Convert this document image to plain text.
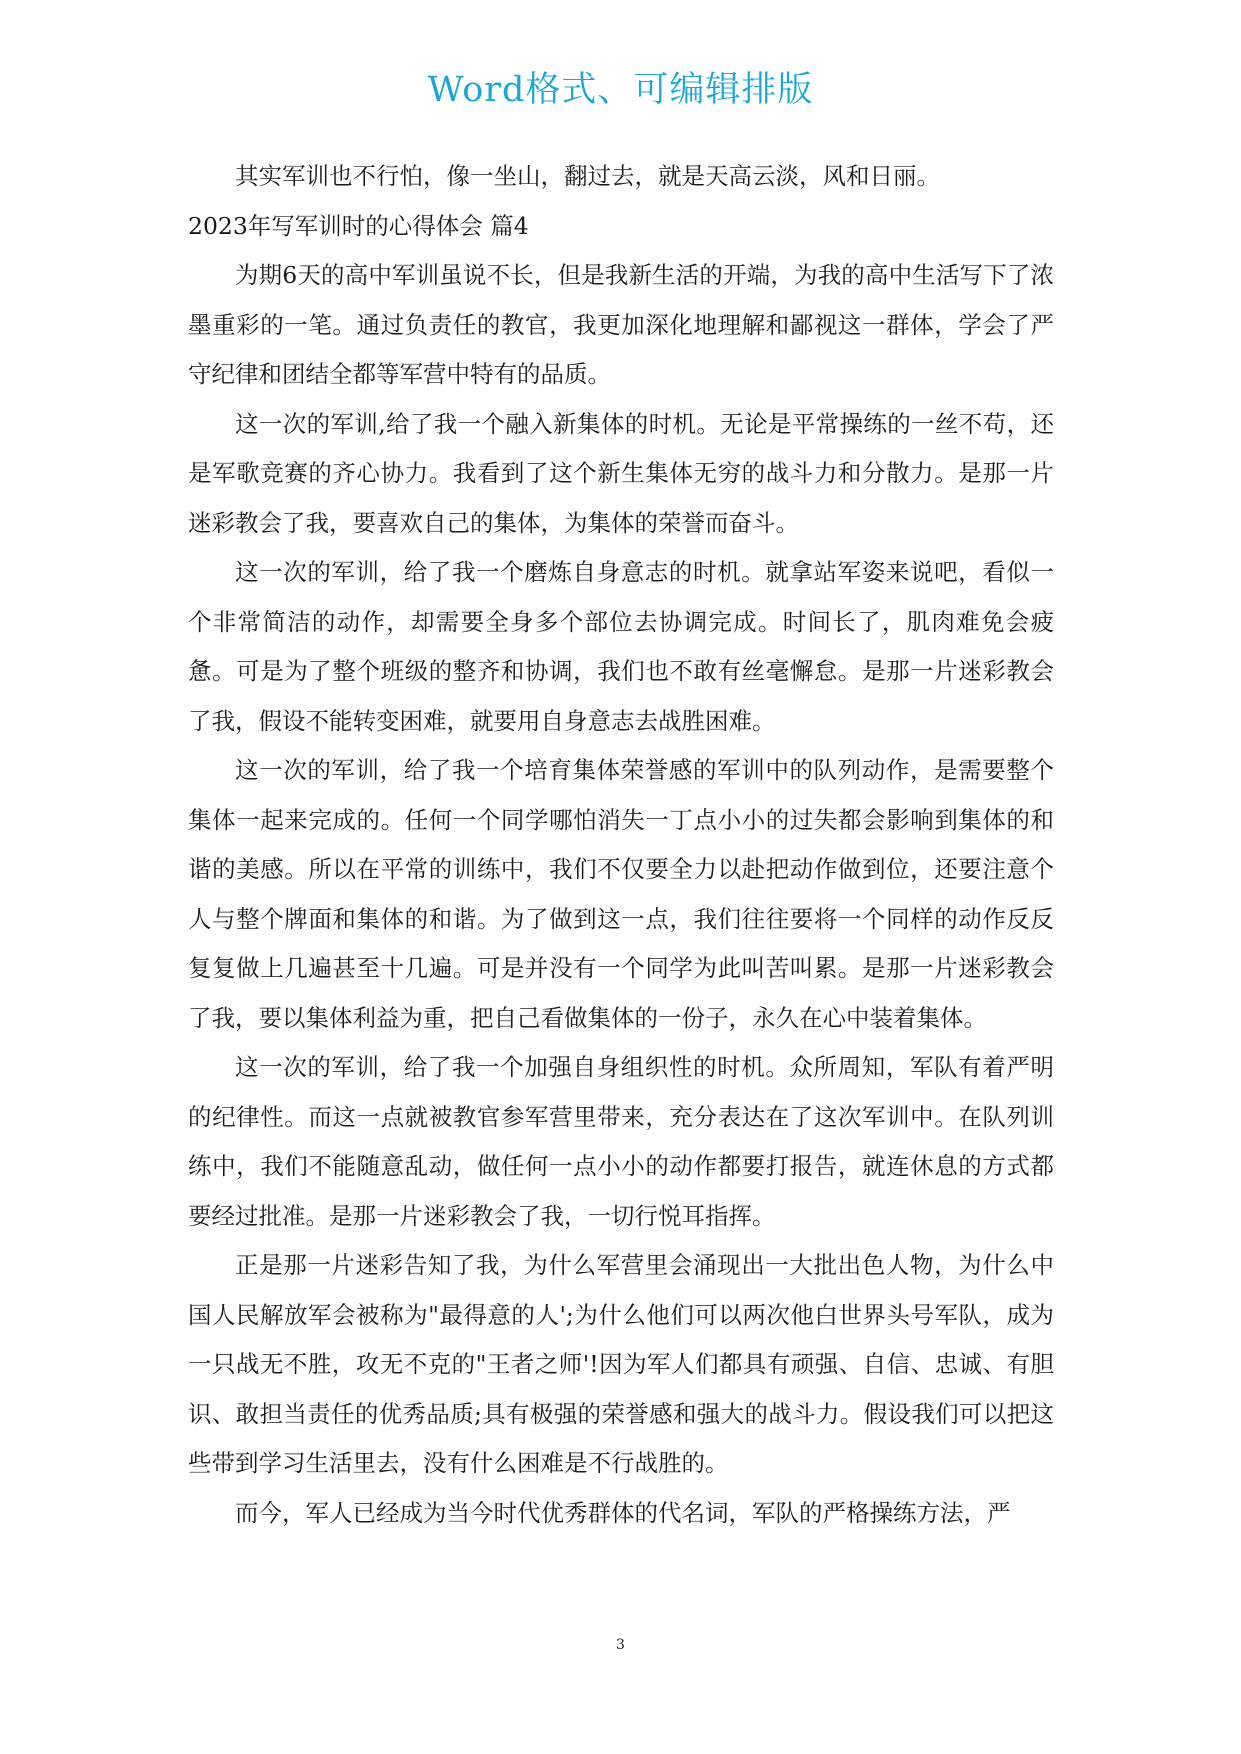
Word格式、可编辑排版

其实军训也不行怕，像一坐山，翻过去，就是天高云淡，风和日丽。

2023年写军训时的心得体会 篇4

为期6天的高中军训虽说不长，但是我新生活的开端，为我的高中生活写下了浓墨重彩的一笔。通过负责任的教官，我更加深化地理解和鄙视这一群体，学会了严守纪律和团结全都等军营中特有的品质。

这一次的军训,给了我一个融入新集体的时机。无论是平常操练的一丝不苟，还是军歌竞赛的齐心协力。我看到了这个新生集体无穷的战斗力和分散力。是那一片迷彩教会了我，要喜欢自己的集体，为集体的荣誉而奋斗。

这一次的军训，给了我一个磨炼自身意志的时机。就拿站军姿来说吧，看似一个非常简洁的动作，却需要全身多个部位去协调完成。时间长了，肌肉难免会疲惫。可是为了整个班级的整齐和协调，我们也不敢有丝毫懈怠。是那一片迷彩教会了我，假设不能转变困难，就要用自身意志去战胜困难。

这一次的军训，给了我一个培育集体荣誉感的军训中的队列动作，是需要整个集体一起来完成的。任何一个同学哪怕消失一丁点小小的过失都会影响到集体的和谐的美感。所以在平常的训练中，我们不仅要全力以赴把动作做到位，还要注意个人与整个牌面和集体的和谐。为了做到这一点，我们往往要将一个同样的动作反反复复做上几遍甚至十几遍。可是并没有一个同学为此叫苦叫累。是那一片迷彩教会了我，要以集体利益为重，把自己看做集体的一份子，永久在心中装着集体。

这一次的军训，给了我一个加强自身组织性的时机。众所周知，军队有着严明的纪律性。而这一点就被教官参军营里带来，充分表达在了这次军训中。在队列训练中，我们不能随意乱动，做任何一点小小的动作都要打报告，就连休息的方式都要经过批准。是那一片迷彩教会了我，一切行悦耳指挥。

正是那一片迷彩告知了我，为什么军营里会涌现出一大批出色人物，为什么中国人民解放军会被称为"最得意的人';为什么他们可以两次他白世界头号军队，成为一只战无不胜，攻无不克的"王者之师'!因为军人们都具有顽强、自信、忠诚、有胆识、敢担当责任的优秀品质;具有极强的荣誉感和强大的战斗力。假设我们可以把这些带到学习生活里去，没有什么困难是不行战胜的。

而今，军人已经成为当今时代优秀群体的代名词，军队的严格操练方法，严

3
